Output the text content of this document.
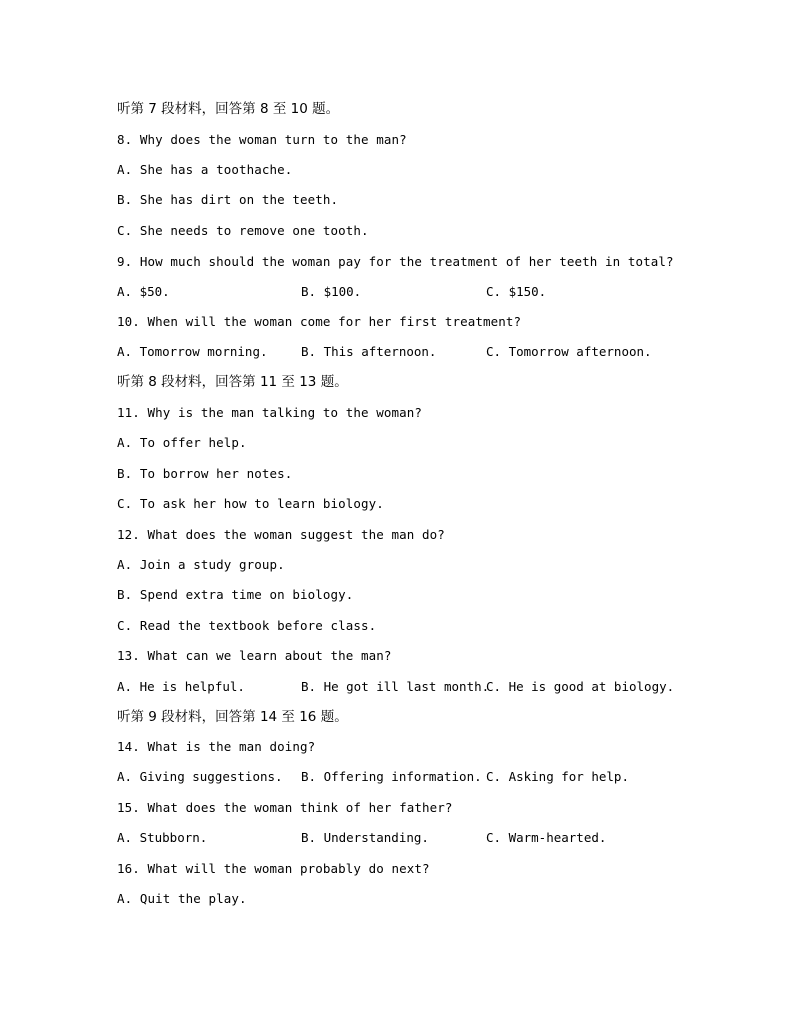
听第 7 段材料，回答第 8 至 10 题。
8. Why does the woman turn to the man?
A. She has a toothache.
B. She has dirt on the teeth.
C. She needs to remove one tooth.
9. How much should the woman pay for the treatment of her teeth in total?
A. $50.	B. $100.	C. $150.
10. When will the woman come for her first treatment?
A. Tomorrow morning.	B. This afternoon.	C. Tomorrow afternoon.
听第 8 段材料，回答第 11 至 13 题。
11. Why is the man talking to the woman?
A. To offer help.
B. To borrow her notes.
C. To ask her how to learn biology.
12. What does the woman suggest the man do?
A. Join a study group.
B. Spend extra time on biology.
C. Read the textbook before class.
13. What can we learn about the man?
A. He is helpful.	B. He got ill last month.
C. He is good at biology.
听第 9 段材料，回答第 14 至 16 题。
14. What is the man doing?
A. Giving suggestions. B. Offering information. C. Asking for help.
15. What does the woman think of her father?
A. Stubborn.	B. Understanding.	C. Warm-hearted.
16. What will the woman probably do next?
A. Quit the play.
